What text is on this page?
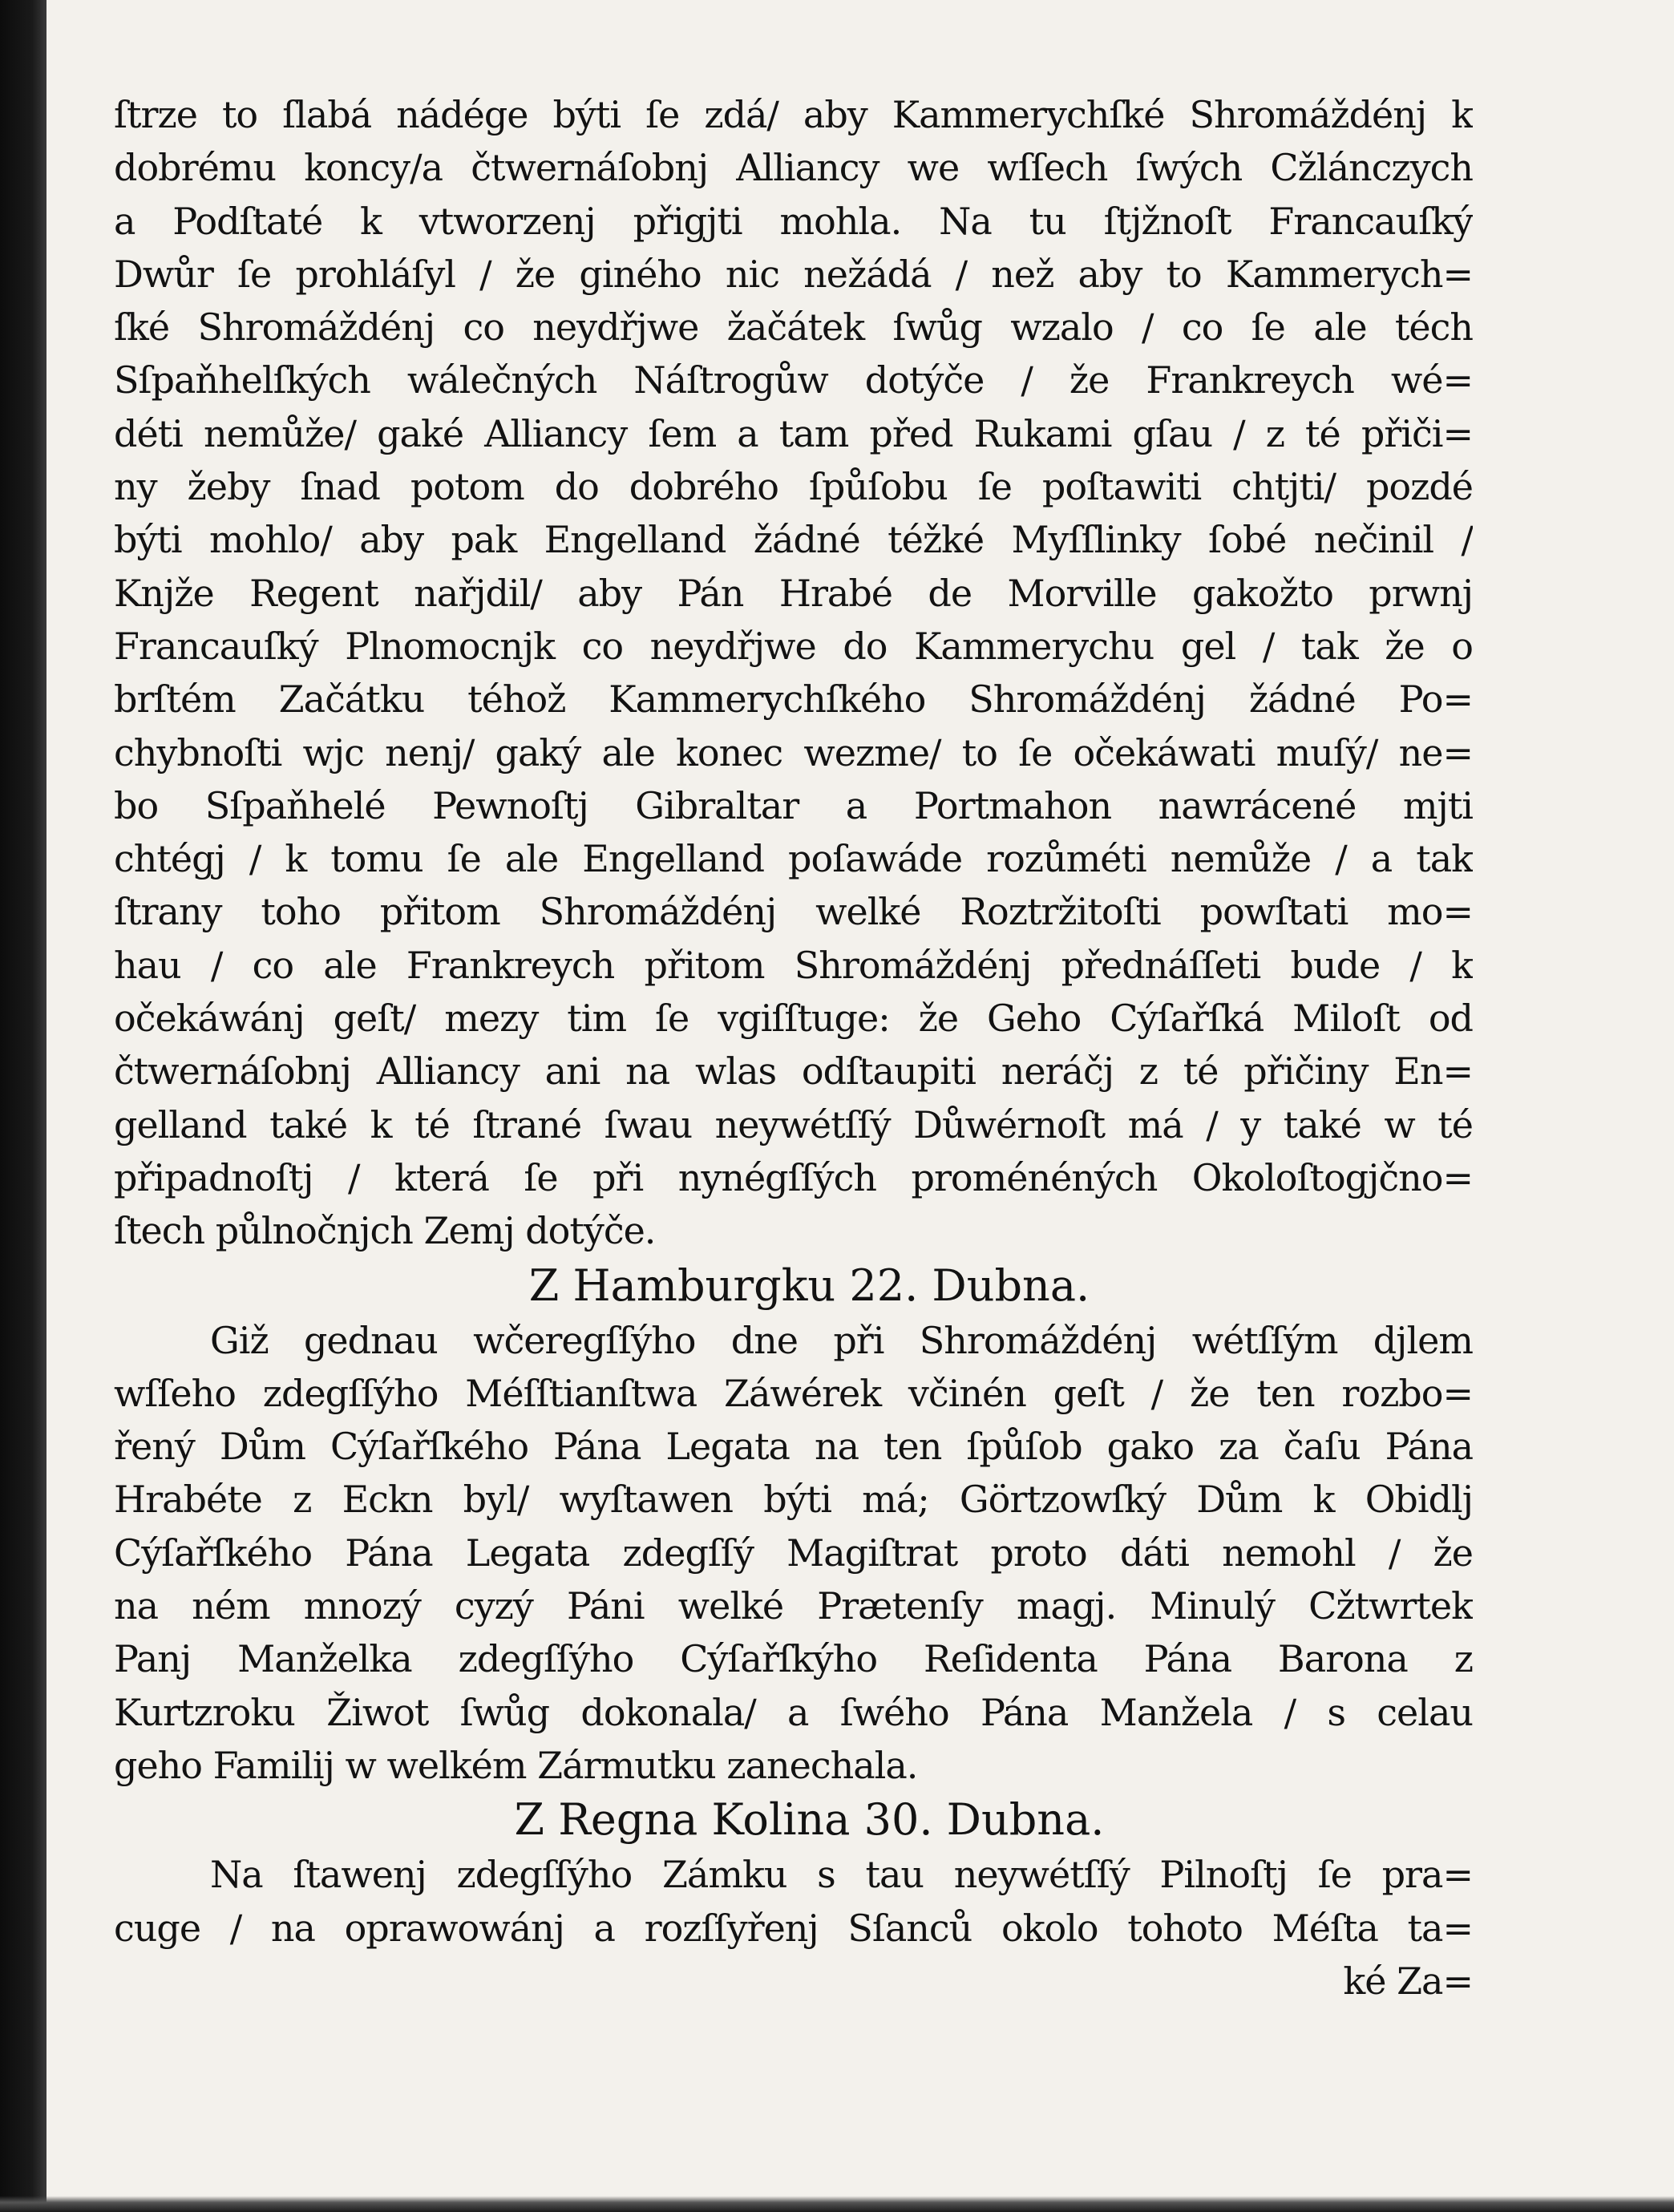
ſtrze to ſlabá nádége býti ſe zdá/ aby Kammerychſké Shromáždénj k
dobrému koncy/a čtwernáſobnj Alliancy we wſſech ſwých Cžlánczych
a Podſtaté k vtworzenj přigjti mohla. Na tu ſtjžnoſt Francauſký
Dwůr ſe prohláſyl / že giného nic nežádá / než aby to Kammerych=
ſké Shromáždénj co neydřjwe žačátek ſwůg wzalo / co ſe ale téch
Sſpaňhelſkých wálečných Náſtrogůw dotýče / že Frankreych wé=
déti nemůže/ gaké Alliancy ſem a tam před Rukami gſau / z té přiči=
ny žeby ſnad potom do dobrého ſpůſobu ſe poſtawiti chtjti/ pozdé
býti mohlo/ aby pak Engelland žádné téžké Myſſlinky ſobé nečinil /
Knjže Regent nařjdil/ aby Pán Hrabé de Morville gakožto prwnj
Francauſký Plnomocnjk co neydřjwe do Kammerychu gel / tak že o
brſtém Začátku téhož Kammerychſkého Shromáždénj žádné Po=
chybnoſti wjc nenj/ gaký ale konec wezme/ to ſe očekáwati muſý/ ne=
bo Sſpaňhelé Pewnoſtj Gibraltar a Portmahon nawrácené mjti
chtégj / k tomu ſe ale Engelland poſawáde rozůméti nemůže / a tak
ſtrany toho přitom Shromáždénj welké Roztržitoſti powſtati mo=
hau / co ale Frankreych přitom Shromáždénj přednáſſeti bude / k
očekáwánj geſt/ mezy tim ſe vgiſſtuge: že Geho Cýſařſká Miloſt od
čtwernáſobnj Alliancy ani na wlas odſtaupiti neráčj z té přičiny En=
gelland také k té ſtrané ſwau neywétſſý Důwérnoſt má / y také w té
připadnoſtj / která ſe při nynégſſých proménéných Okoloſtogjčno=
ſtech půlnočnjch Zemj dotýče.
Z Hamburgku 22. Dubna.
Giž gednau wčeregſſýho dne při Shromáždénj wétſſým djlem
wſſeho zdegſſýho Méſſtianſtwa Záwérek včinén geſt / že ten rozbo=
řený Dům Cýſařſkého Pána Legata na ten ſpůſob gako za čaſu Pána
Hrabéte z Eckn byl/ wyſtawen býti má; Görtzowſký Dům k Obidlj
Cýſařſkého Pána Legata zdegſſý Magiſtrat proto dáti nemohl / že
na ném mnozý cyzý Páni welké Prætenſy magj. Minulý Cžtwrtek
Panj Manželka zdegſſýho Cýſařſkýho Reſidenta Pána Barona z
Kurtzroku Žiwot ſwůg dokonala/ a ſwého Pána Manžela / s celau
geho Familij w welkém Zármutku zanechala.
Z Regna Kolina 30. Dubna.
Na ſtawenj zdegſſýho Zámku s tau neywétſſý Pilnoſtj ſe pra=
cuge / na oprawowánj a rozſſyřenj Sſanců okolo tohoto Méſta ta=
ké Za=
